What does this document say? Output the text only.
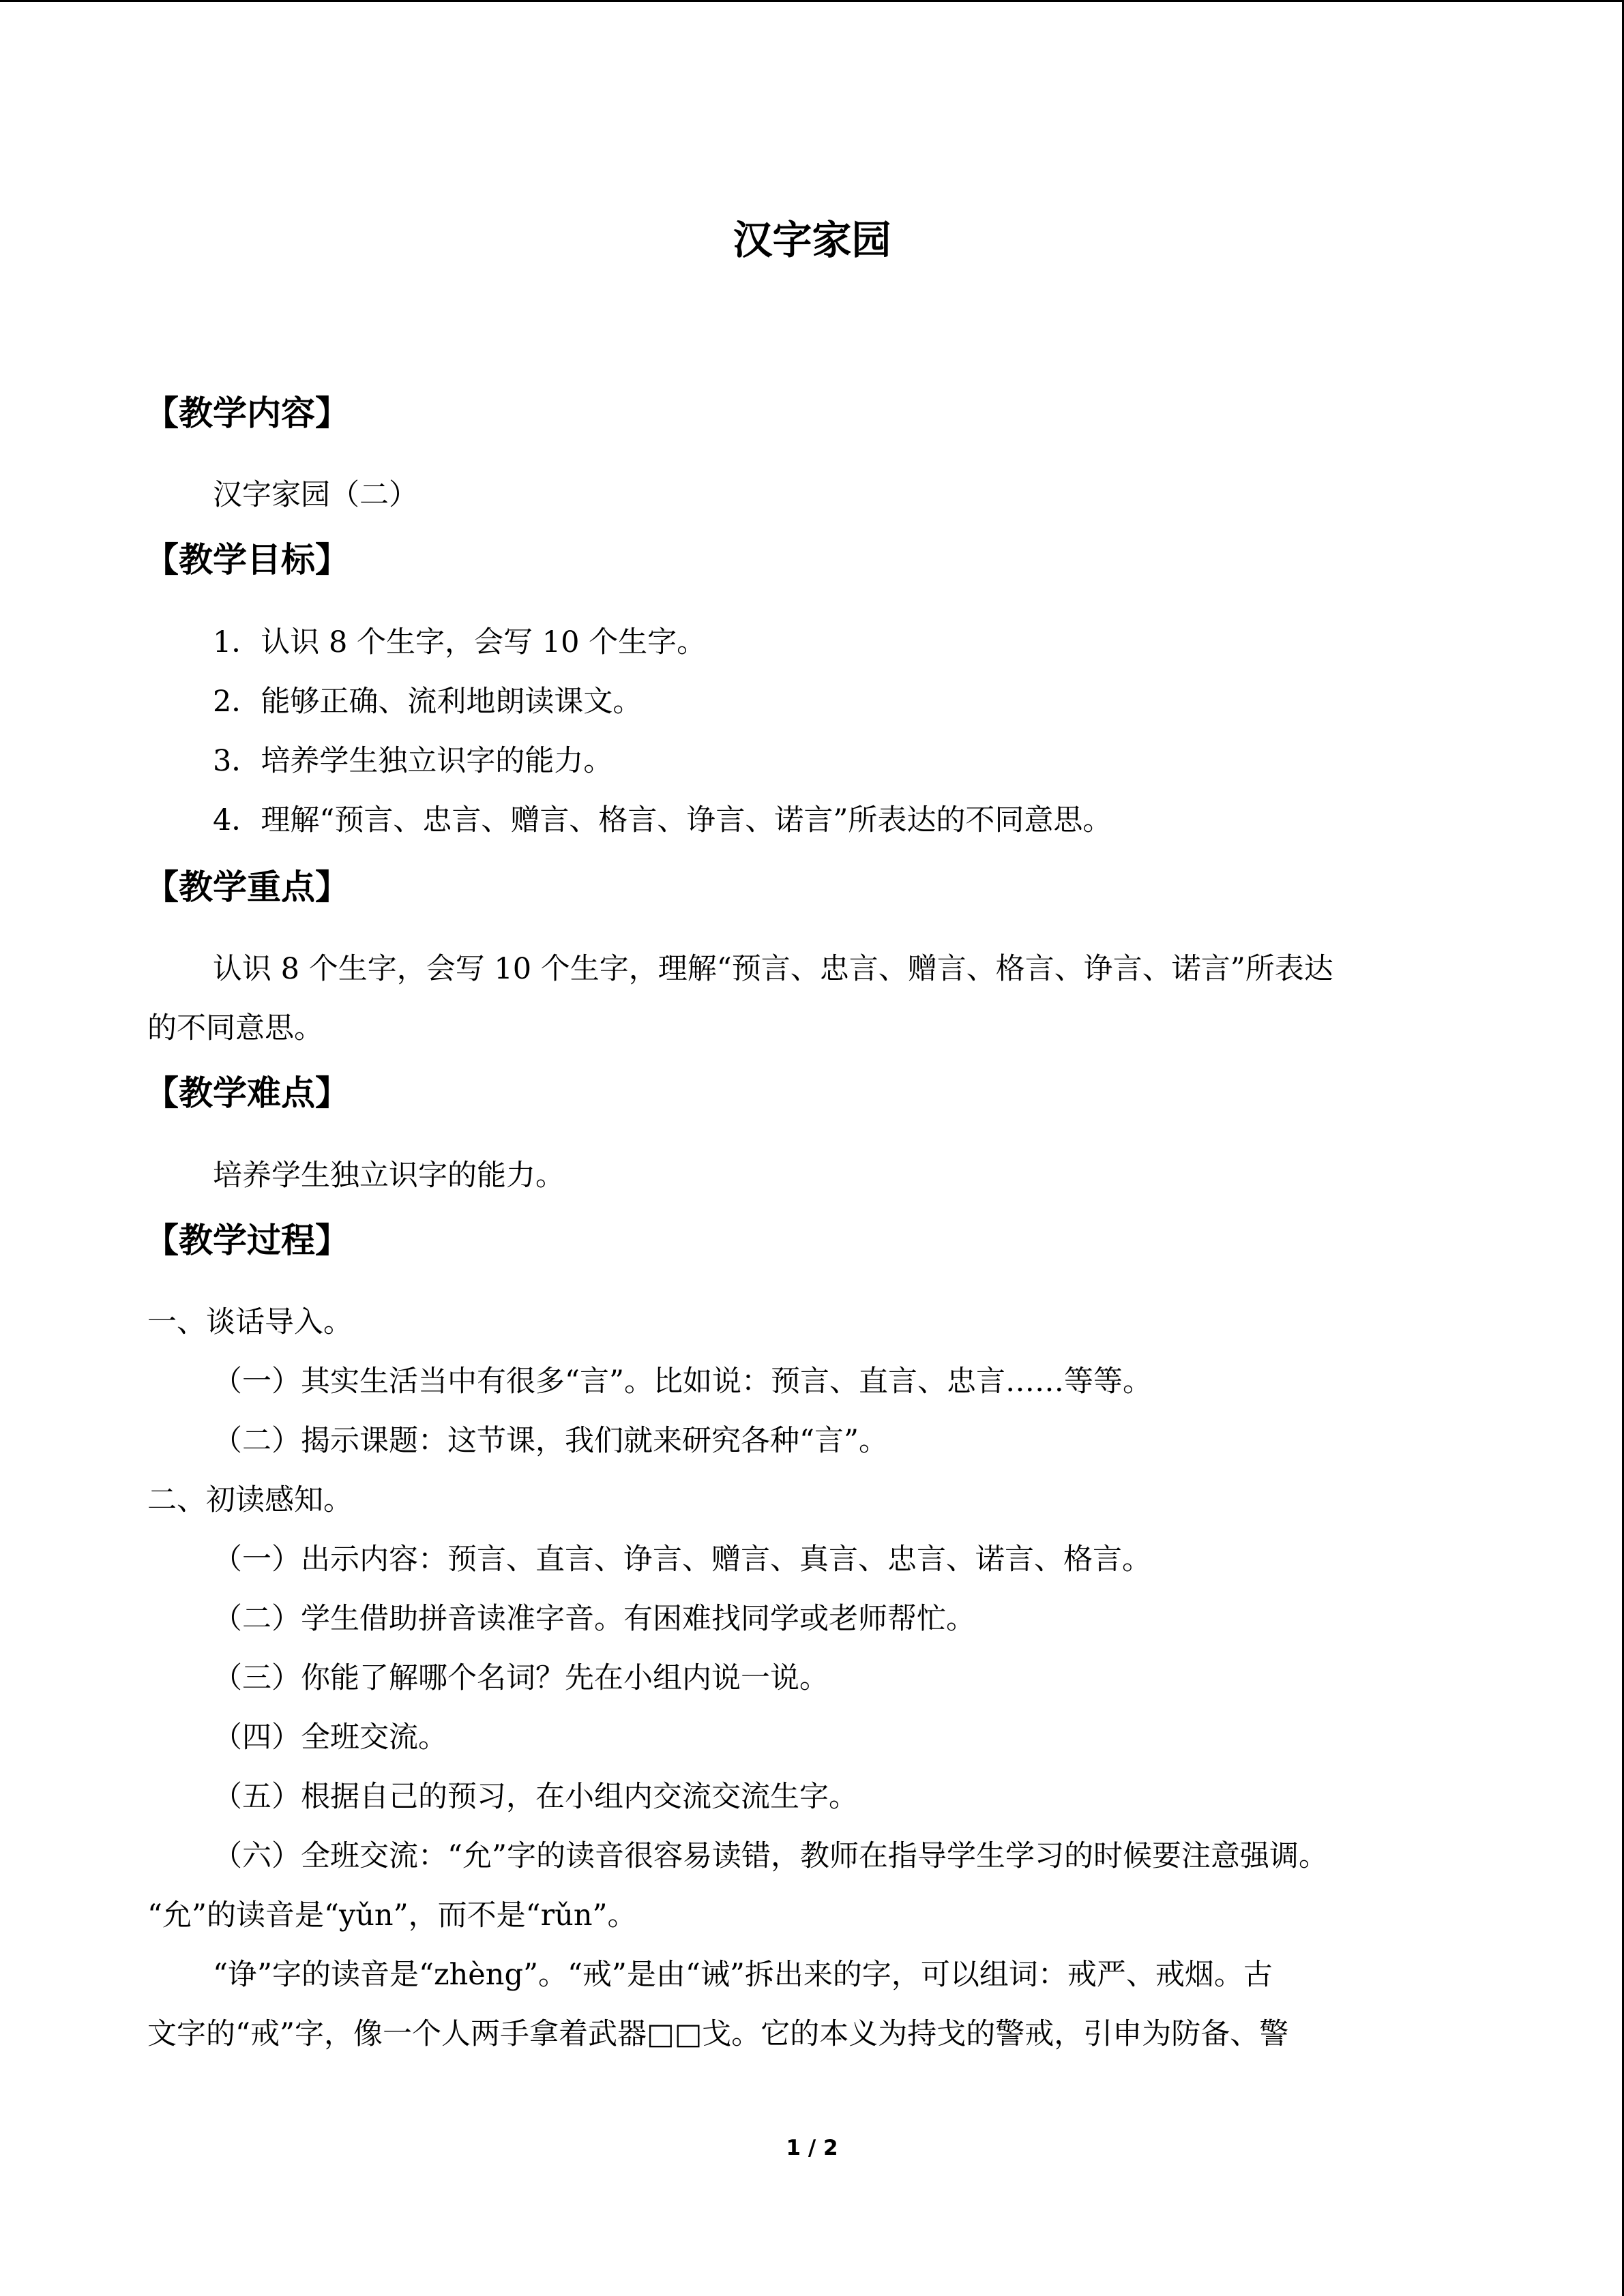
汉字家园
【教学内容】
汉字家园（二）
【教学目标】
1．认识 8 个生字，会写 10 个生字。
2．能够正确、流利地朗读课文。
3．培养学生独立识字的能力。
4．理解“预言、忠言、赠言、格言、诤言、诺言”所表达的不同意思。
【教学重点】
认识 8 个生字，会写 10 个生字，理解“预言、忠言、赠言、格言、诤言、诺言”所表达
的不同意思。
【教学难点】
培养学生独立识字的能力。
【教学过程】
一、谈话导入。
（一）其实生活当中有很多“言”。比如说：预言、直言、忠言……等等。
（二）揭示课题：这节课，我们就来研究各种“言”。
二、初读感知。
（一）出示内容：预言、直言、诤言、赠言、真言、忠言、诺言、格言。
（二）学生借助拼音读准字音。有困难找同学或老师帮忙。
（三）你能了解哪个名词？先在小组内说一说。
（四）全班交流。
（五）根据自己的预习，在小组内交流交流生字。
（六）全班交流：“允”字的读音很容易读错，教师在指导学生学习的时候要注意强调。
“允”的读音是“yǔn”，而不是“rǔn”。
“诤”字的读音是“zhèng”。“戒”是由“诫”拆出来的字，可以组词：戒严、戒烟。古
文字的“戒”字，像一个人两手拿着武器□□戈。它的本义为持戈的警戒，引申为防备、警
1 / 2
